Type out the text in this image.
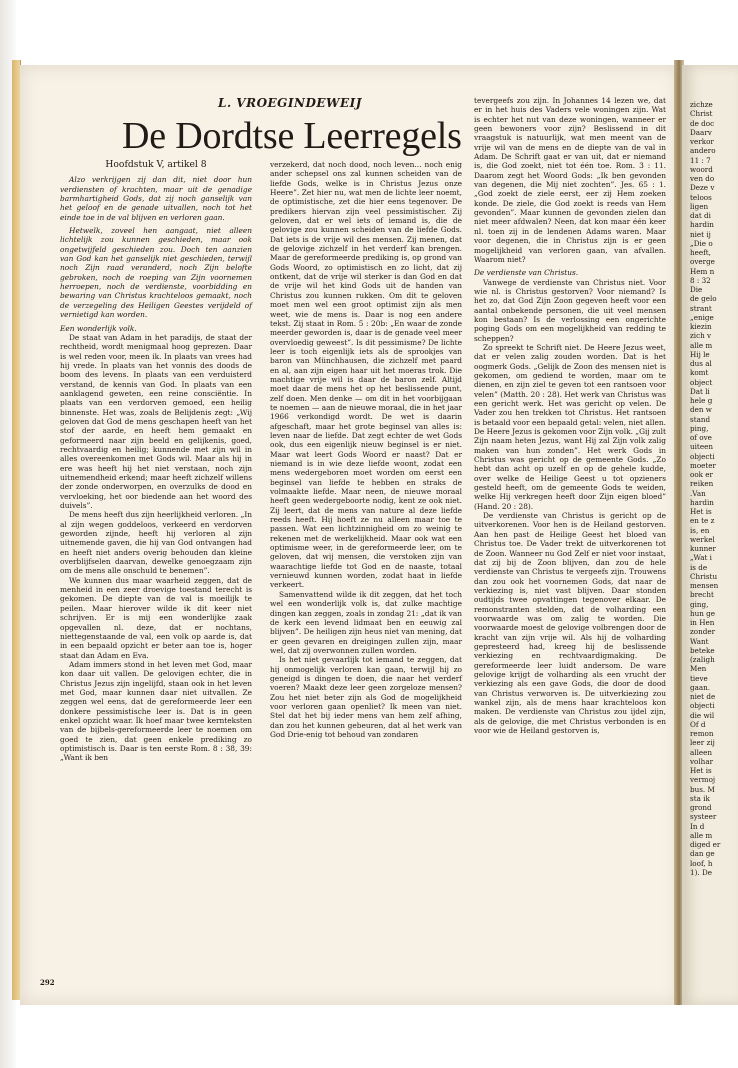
L. VROEGINDEWEIJ
De Dordtse Leerregels

Hoofdstuk V, artikel 8

Alzo verkrijgen zij dan dit, niet door hun verdiensten of krachten, maar uit de genadige barmhartigheid Gods, dat zij noch ganselijk van het geloof en de genade uitvallen, noch tot het einde toe in de val blijven en verloren gaan.

Hetwelk, zoveel hen aangaat, niet alleen lichtelijk zou kunnen geschieden, maar ook ongetwijfeld geschieden zou. Doch ten aanzien van God kan het ganselijk niet geschieden, terwijl noch Zijn raad veranderd, noch Zijn belofte gebroken, noch de roeping van Zijn voornemen herroepen, noch de verdienste, voorbidding en bewaring van Christus krachteloos gemaakt, noch de verzegeling des Heiligen Geestes verijdeld of vernietigd kan worden.

Een wonderlijk volk.

De staat van Adam in het paradijs, de staat der rechtheid, wordt menigmaal hoog geprezen. Daar is wel reden voor, meen ik. In plaats van vrees had hij vrede. In plaats van het vonnis des doods de boom des levens. In plaats van een verduisterd verstand, de kennis van God. In plaats van een aanklagend geweten, een reine consciëntie. In plaats van een verdorven gemoed, een heilig binnenste. Het was, zoals de Belijdenis zegt: „Wij geloven dat God de mens geschapen heeft van het stof der aarde, en heeft hem gemaakt en geformeerd naar zijn beeld en gelijkenis, goed, rechtvaardig en heilig; kunnende met zijn wil in alles overeenkomen met Gods wil. Maar als hij in ere was heeft hij het niet verstaan, noch zijn uitnemendheid erkend; maar heeft zichzelf willens der zonde onderworpen, en overzulks de dood en vervloeking, het oor biedende aan het woord des duivels”.

De mens heeft dus zijn heerlijkheid verloren. „In al zijn wegen goddeloos, verkeerd en verdorven geworden zijnde, heeft hij verloren al zijn uitnemende gaven, die hij van God ontvangen had en heeft niet anders overig behouden dan kleine overblijfselen daarvan, dewelke genoegzaam zijn om de mens alle onschuld te benemen”.

We kunnen dus maar waarheid zeggen, dat de menheid in een zeer droevige toestand terecht is gekomen. De diepte van de val is moeilijk te peilen. Maar hierover wilde ik dit keer niet schrijven. Er is mij een wonderlijke zaak opgevallen nl. deze, dat er nochtans, niettegenstaande de val, een volk op aarde is, dat in een bepaald opzicht er beter aan toe is, hoger staat dan Adam en Eva.

Adam immers stond in het leven met God, maar kon daar uit vallen. De gelovigen echter, die in Christus Jezus zijn ingelijfd, staan ook in het leven met God, maar kunnen daar niet uitvallen. Ze zeggen wel eens, dat de gereformeerde leer een donkere pessimistische leer is. Dat is in geen enkel opzicht waar. Ik hoef maar twee kernteksten van de bijbels-gereformeerde leer te noemen om goed te zien, dat geen enkele prediking zo optimistisch is. Daar is ten eerste Rom. 8 : 38, 39: „Want ik ben

verzekerd, dat noch dood, noch leven... noch enig ander schepsel ons zal kunnen scheiden van de liefde Gods, welke is in Christus Jezus onze Heere”. Zet hier nu, wat men de lichte leer noemt, de optimistische, zet die hier eens tegenover. De predikers hiervan zijn veel pessimistischer. Zij geloven, dat er wel iets of iemand is, die de gelovige zou kunnen scheiden van de liefde Gods. Dat iets is de vrije wil des mensen. Zij menen, dat de gelovige zichzelf in het verderf kan brengen. Maar de gereformeerde prediking is, op grond van Gods Woord, zo optimistisch en zo licht, dat zij ontkent, dat de vrije wil sterker is dan God en dat de vrije wil het kind Gods uit de handen van Christus zou kunnen rukken. Om dit te geloven moet men wel een groot optimist zijn als men weet, wie de mens is. Daar is nog een andere tekst. Zij staat in Rom. 5 : 20b: „En waar de zonde meerder geworden is, daar is de genade veel meer overvloedig geweest”. Is dit pessimisme? De lichte leer is toch eigenlijk iets als de sprookjes van baron van Münchhausen, die zichzelf met paard en al, aan zijn eigen haar uit het moeras trok. Die machtige vrije wil is daar de baron zelf. Altijd moet daar de mens het op het beslissende punt, zelf doen. Men denke — om dit in het voorbijgaan te noemen — aan de nieuwe moraal, die in het jaar 1966 verkondigd wordt. De wet is daarin afgeschaft, maar het grote beginsel van alles is: leven naar de liefde. Dat zegt echter de wet Gods ook, dus een eigenlijk nieuw beginsel is er niet. Maar wat leert Gods Woord er naast? Dat er niemand is in wie deze liefde woont, zodat een mens wedergeboren moet worden om eerst een beginsel van liefde te hebben en straks de volmaakte liefde. Maar neen, de nieuwe moraal heeft geen wedergeboorte nodig, kent ze ook niet. Zij leert, dat de mens van nature al deze liefde reeds heeft. Hij hoeft ze nu alleen maar toe te passen. Wat een lichtzinnigheid om zo weinig te rekenen met de werkelijkheid. Maar ook wat een optimisme weer, in de gereformeerde leer, om te geloven, dat wij mensen, die verstoken zijn van waarachtige liefde tot God en de naaste, totaal vernieuwd kunnen worden, zodat haat in liefde verkeert.

Samenvattend wilde ik dit zeggen, dat het toch wel een wonderlijk volk is, dat zulke machtige dingen kan zeggen, zoals in zondag 21: „dat ik van de kerk een levend lidmaat ben en eeuwig zal blijven”. De heiligen zijn heus niet van mening, dat er geen gevaren en dreigingen zullen zijn, maar wel, dat zij overwonnen zullen worden.

Is het niet gevaarlijk tot iemand te zeggen, dat hij onmogelijk verloren kan gaan, terwijl hij zo geneigd is dingen te doen, die naar het verderf voeren? Maakt deze leer geen zorgeloze mensen? Zou het niet beter zijn als God de mogelijkheid voor verloren gaan openliet? Ik meen van niet. Stel dat het bij ieder mens van hem zelf afhing, dan zou het kunnen gebeuren, dat al het werk van God Drie-enig tot behoud van zondaren

tevergeefs zou zijn. In Johannes 14 lezen we, dat er in het huis des Vaders vele woningen zijn. Wat is echter het nut van deze woningen, wanneer er geen bewoners voor zijn? Beslissend in dit vraagstuk is natuurlijk, wat men meent van de vrije wil van de mens en de diepte van de val in Adam. De Schrift gaat er van uit, dat er niemand is, die God zoekt, niet tot één toe. Rom. 3 : 11. Daarom zegt het Woord Gods: „Ik ben gevonden van degenen, die Mij niet zochten”. Jes. 65 : 1. „God zoekt de ziele eerst, eer zij Hem zoeken konde. De ziele, die God zoekt is reeds van Hem gevonden”. Maar kunnen de gevonden zielen dan niet meer afdwalen? Neen, dat kon maar één keer nl. toen zij in de lendenen Adams waren. Maar voor degenen, die in Christus zijn is er geen mogelijkheid van verloren gaan, van afvallen. Waarom niet?

De verdienste van Christus.

Vanwege de verdienste van Christus niet. Voor wie nl. is Christus gestorven? Voor niemand? Is het zo, dat God Zijn Zoon gegeven heeft voor een aantal onbekende personen, die uit veel mensen kon bestaan? Is de verlossing een ongerichte poging Gods om een mogelijkheid van redding te scheppen?

Zo spreekt te Schrift niet. De Heere Jezus weet, dat er velen zalig zouden worden. Dat is het oogmerk Gods. „Gelijk de Zoon des mensen niet is gekomen, om gediend te worden, maar om te dienen, en zijn ziel te geven tot een rantsoen voor velen” (Matth. 20 : 28). Het werk van Christus was een gericht werk. Het was gericht op velen. De Vader zou hen trekken tot Christus. Het rantsoen is betaald voor een bepaald getal: velen, niet allen. De Heere Jezus is gekomen voor Zijn volk. „Gij zult Zijn naam heten Jezus, want Hij zal Zijn volk zalig maken van hun zonden”. Het werk Gods in Christus was gericht op de gemeente Gods. „Zo hebt dan acht op uzelf en op de gehele kudde, over welke de Heilige Geest u tot opzieners gesteld heeft, om de gemeente Gods te weiden, welke Hij verkregen heeft door Zijn eigen bloed” (Hand. 20 : 28).

De verdienste van Christus is gericht op de uitverkorenen. Voor hen is de Heiland gestorven. Aan hen past de Heilige Geest het bloed van Christus toe. De Vader trekt de uitverkorenen tot de Zoon. Wanneer nu God Zelf er niet voor instaat, dat zij bij de Zoon blijven, dan zou de hele verdienste van Christus te vergeefs zijn. Trouwens dan zou ook het voornemen Gods, dat naar de verkiezing is, niet vast blijven. Daar stonden oudtijds twee opvattingen tegenover elkaar. De remonstranten stelden, dat de volharding een voorwaarde was om zalig te worden. Die voorwaarde moest de gelovige volbrengen door de kracht van zijn vrije wil. Als hij de volharding gepresteerd had, kreeg hij de beslissende verkiezing en rechtvaardigmaking. De gereformeerde leer luidt andersom. De ware gelovige krijgt de volharding als een vrucht der verkiezing als een gave Gods, die door de dood van Christus verworven is. De uitverkiezing zou wankel zijn, als de mens haar krachteloos kon maken. De verdienste van Christus zou ijdel zijn, als de gelovige, die met Christus verbonden is en voor wie de Heiland gestorven is,

292
zichze
Christ
de doc
Daarv
verkor
andero
11 : 7
woord
ven do
Deze v
teloos
ligen
dat di
hardin
niet ij
„Die o
heeft,
overge
Hem n
8 : 32
Die
de gelo
strant
„enige
kiezin
zich v
alle m
Hij le
dus al
komt
object
Dat li
hele g
den w
stand
ping,
of ove
uiteen
objecti
moeter
ook er
reiken
.Van
hardin
Het is
en te z
is, en
werkel
kunner
„Wat i
is de
Christu
mensen
brecht
ging,
hun ge
in Hen
zonder
Want
beteke
(zaligh
Men
tieve
gaan.
niet de
objecti
die wil
Of d
remon
leer zij
alleen
volhar
Het is
vermoj
bus. M
sta ik
grond
systeer
In d
alle m
diged er
dan ge
loof, h
1). De
